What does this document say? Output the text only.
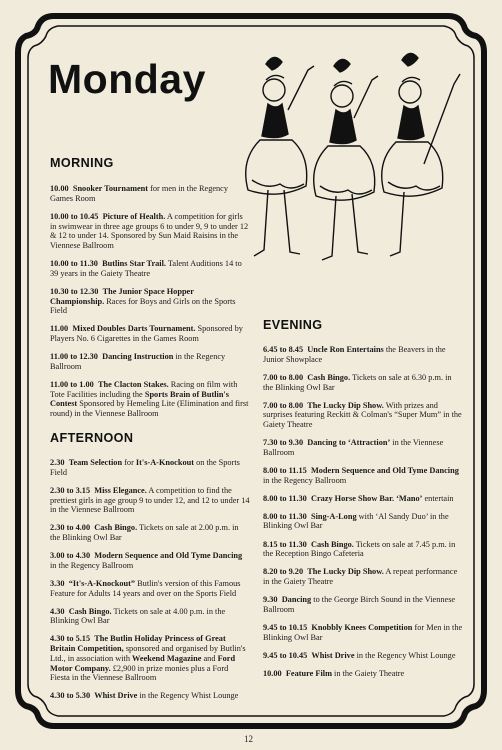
Monday
MORNING

10.00  Snooker Tournament for men in the Regency Games Room

10.00 to 10.45  Picture of Health. A competition for girls in swimwear in three age groups 6 to under 9, 9 to under 12 & 12 to under 14. Sponsored by Sun Maid Raisins in the Viennese Ballroom

10.00 to 11.30  Butlins Star Trail. Talent Auditions 14 to 39 years in the Gaiety Theatre

10.30 to 12.30  The Junior Space Hopper Championship. Races for Boys and Girls on the Sports Field

11.00  Mixed Doubles Darts Tournament. Sponsored by Players No. 6 Cigarettes in the Games Room

11.00 to 12.30  Dancing Instruction in the Regency Ballroom

11.00 to 1.00  The Clacton Stakes. Racing on film with Tote Facilities including the Sports Brain of Butlin's Contest Sponsored by Hemeling Lite (Elimination and first round) in the Viennese Ballroom

AFTERNOON

2.30  Team Selection for It's-A-Knockout on the Sports Field

2.30 to 3.15  Miss Elegance. A competition to find the prettiest girls in age group 9 to under 12, and 12 to under 14 in the Viennese Ballroom

2.30 to 4.00  Cash Bingo. Tickets on sale at 2.00 p.m. in the Blinking Owl Bar

3.00 to 4.30  Modern Sequence and Old Tyme Dancing in the Regency Ballroom

3.30  “It's-A-Knockout” Butlin's version of this Famous Feature for Adults 14 years and over on the Sports Field

4.30  Cash Bingo. Tickets on sale at 4.00 p.m. in the Blinking Owl Bar

4.30 to 5.15  The Butlin Holiday Princess of Great Britain Competition, sponsored and organised by Butlin's Ltd., in association with Weekend Magazine and Ford Motor Company. £2,900 in prize monies plus a Ford Fiesta in the Viennese Ballroom

4.30 to 5.30  Whist Drive in the Regency Whist Lounge

EVENING

6.45 to 8.45  Uncle Ron Entertains the Beavers in the Junior Showplace

7.00 to 8.00  Cash Bingo. Tickets on sale at 6.30 p.m. in the Blinking Owl Bar

7.00 to 8.00  The Lucky Dip Show. With prizes and surprises featuring Reckitt & Colman's “Super Mum” in the Gaiety Theatre

7.30 to 9.30  Dancing to ‘Attraction’ in the Viennese Ballroom

8.00 to 11.15  Modern Sequence and Old Tyme Dancing in the Regency Ballroom

8.00 to 11.30  Crazy Horse Show Bar. ‘Mano’ entertain

8.00 to 11.30  Sing-A-Long with ‘Al Sandy Duo’ in the Blinking Owl Bar

8.15 to 11.30  Cash Bingo. Tickets on sale at 7.45 p.m. in the Reception Bingo Cafeteria

8.20 to 9.20  The Lucky Dip Show. A repeat performance in the Gaiety Theatre

9.30  Dancing to the George Birch Sound in the Viennese Ballroom

9.45 to 10.15  Knobbly Knees Competition for Men in the Blinking Owl Bar

9.45 to 10.45  Whist Drive in the Regency Whist Lounge

10.00  Feature Film in the Gaiety Theatre

12
